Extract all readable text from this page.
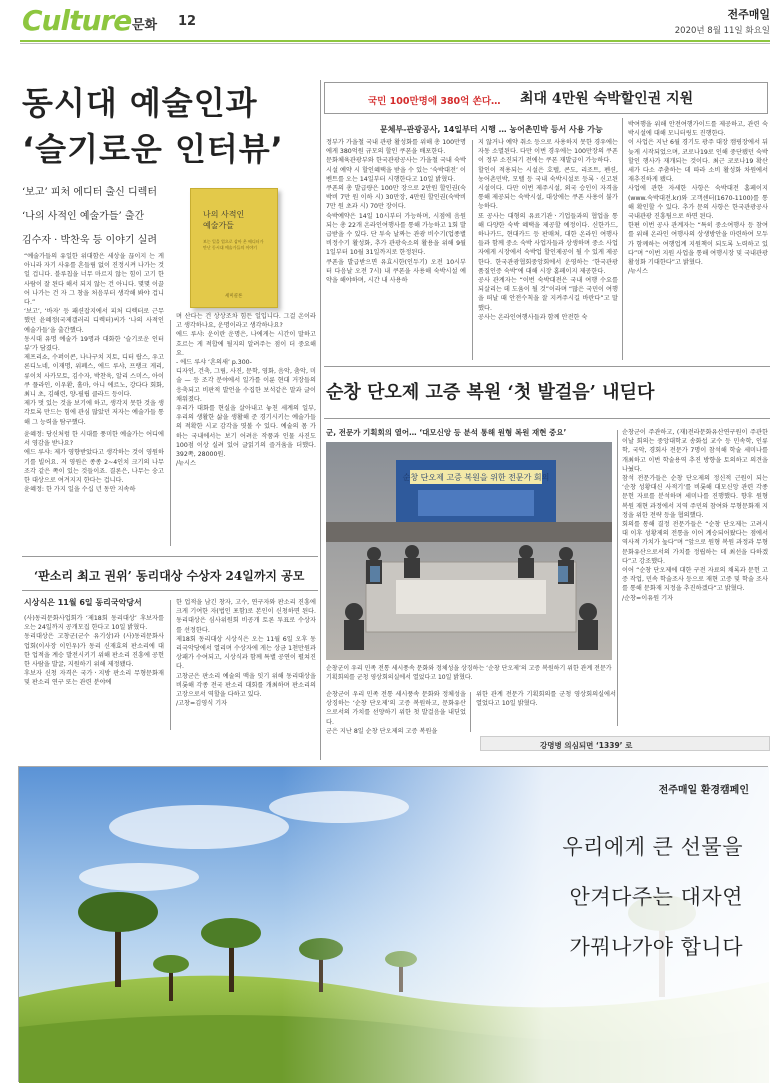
Culture 문화 12	전주매일
2020년 8월 11일 화요일
동시대 예술인과
‘슬기로운 인터뷰’
‘보고’ 피처 에디터 출신 디렉터
‘나의 사적인 예술가들’ 출간
김수자 · 박찬욱 등 이야기 실려
나의 사적인
예술가들
보는 일을 업으로 삼아 온 에디터가 만난 동시대 예술가들의 이야기
세미콜론
“예술가들의 유일한 위대함은 세상을 끊이지 는 게 아니라 자기 사유를 흔들림 없이 진정시켜 나가는 것일 겁니다. 블루칩을 너무 마르지 않는 힘이 고기 한 사람이 잘 된다 해서 되지 않는 건 아니다. 몇몇 이끌어 나가는 건 자 그 창을 처음부터 생각해 봐야 겁니다.”
‘보고’, ‘바자’ 등 패션잡지에서 피처 디렉터로 근무했던 윤혜정(국제갤러리 디렉터)씨가 ‘나의 사적인 예술가들’을 출간했다.
동시대 유명 예술가 19명과 대화한 ‘슬기로운 인터뷰’가 담겼다.
제프리쇼, 수퍼이콘, 나나구치 지토, 디터 랍스, 우고 론디노네, 이재명, 위폐스, 에드 루샤, 프랭크 게리, 류이치 사카모토, 김수자, 박찬욱, 알리 스미스, 아이쿠 플라인, 이우환, 홀마, 아니 에르노, 강다다 회화, 최니 초, 김해련, 양-필립 클라드 등이다.
제가 멋 있는 것을 보기에 하고, 생각지 못한 것을 생각토록 만드는 힘에 관심 많았던 저자는 예술가들 통해 그 능력을 탐구했다.
윤혜정: 당신처럼 한 시대를 풍미한 예술가는 어디에서 영감을 받나요?
에드 루샤: 제가 영향받았다고 생각하는 것이 영원하기를 빌어요. 저 영원은 종종 2~4인치 크기의 나무조각 같은 쪽이 있는 것들이죠. 결론은, 나무는 숭고한 대상으로 여겨지지 한다는 겁니다.
윤혜정: 한 가지 일을 수십 년 동안 지속하
며 산다는 건 상상조차 힘든 일입니다. 그걸 온이라고 생각하나요, 운명이라고 생각하나요?
에드 루샤: 운이란 운명은, 나에게는 시간이 말하고 흐르는 게 적합에 될지의 알려주는 점이 더 중요해요.
- 에드 루샤 ‘흔의새’ p.300-
디자인, 건축, 그림, 사진, 문학, 영화, 음악, 춤악, 미술 — 등 조각 분야에서 일가를 이룬 현대 거장들의 응축되고 비판적 발언을 수집한 보석같은 말과 글이 채워졌다.
우리가 대화를 현실을 살아내고 놓친 세계의 일부, 우리의 생활한 삶을 생활해 준 경기시키는 예술가들의 적확한 시교 감각을 엿볼 수 있다. 예술의 몸 가 하는 국내에서는 보기 어려운 작품과 인물 사진도 100점 이상 실려 있어 글읽기의 즐거움을 더했다. 392쪽, 28000원.
/뉴시스
국민 100만명에 380억 쏜다… 최대 4만원 숙박할인권 지원
문체부-관광공사, 14일부터 시행 … 농어촌민박 등서 사용 가능
정부가 가을철 국내 관광 활성화를 위해 총 100만명에게 380억원 규모의 할인 쿠폰을 배포한다.
문화체육관광부와 한국관광공사는 가을철 국내 숙박시설 예약 시 할인혜택을 받을 수 있는 ‘숙박대전’ 이벤트를 오는 14일부터 시행한다고 10일 밝혔다.
쿠폰의 총 발급량은 100만 장으로 2만원 할인권(숙박비 7만 원 이하 시) 30만장, 4만원 할인권(숙박비 7만 원 초과 시) 70만 장이다.
숙박예약은 14일 10시부터 가능하며, 시점에 음원되는 총 22개 온라인여행사를 통해 가능하고 1회 발급받을 수 있다. 단 투숙 날짜는 관광 비수기(업종별 비정수기 활성화, 추가 관광숙소의 활용을 위해 9월 1일부터 10월 31일까지로 한정된다.
쿠폰을 발급받으면 유효시한(인두기) 오전 10시부터 다음날 오전 7시) 내 쿠폰을 사용해 숙박시설 예약을 해야하며, 시간 내 사용하
지 않거나 예약 취소 등으로 사용하지 못한 경우에는 자동 소멸된다. 다만 이번 경우에는 100만장의 쿠폰이 정부 소진되기 전에는 쿠폰 재발급이 가능하다.
할인이 적용되는 시설은 호텔, 콘도, 리조트, 펜션, 농어촌민박, 모텔 등 국내 숙박시설로 등록ㆍ신고된 시설이다. 다만 이번 제주시설, 외국 승인이 자격을 통해 제공되는 숙박시설, 대상에는 쿠폰 사용이 불가능하다.
또 공사는 대형의 유료기관ㆍ기업들과의 협업을 통해 다양한 숙박 혜택을 제공할 예정이다. 신한카드, 하나카드, 현대카드 등 판매처, 대한 온라인 여행사들과 함께 중소 숙박 사업자들과 상생하며 중소 사업자에게 시장에서 숙박업 할인제공이 될 수 있게 제공한다. 한국관광협회중앙회에서 운영하는 ‘한국관광품질인증 숙박’에 대해 시장 홈페이지 제공한다.
공사 관계자는 “이번 숙박대전은 국내 여행 수요를 되살리는 데 도움이 될 것”이라며 “많은 국민이 여행을 떠날 때 안전수칙을 잘 지켜주시길 바란다”고 말했다.
공사는 온라인여행사들과 함께 안전한 숙
박여행을 위해 안전여행가이드를 제공하고, 관련 숙박시설에 대해 모니터링도 진행한다.
이 사업은 지난 6월 경기도 광주 대장 캠핑장에서 뒤늦게 시작되었으며, 코로나19로 인해 중단됐던 숙박 할인 행사가 재개되는 것이다. 최근 코로나19 확산세가 다소 주춤하는 데 따라 소비 활성화 차원에서 재추진하게 됐다.
사업에 관한 자세한 사항은 숙박대전 홈페이지(www.숙박대전.kr)와 고객센터(1670-1100)를 통해 확인할 수 있다. 추가 문의 사항은 한국관광공사 국내관광 진흥팀으로 하면 된다.
한편 이번 공사 관계자는 “특히 중소여행사 등 참여를 위해 온라인 여행사의 상생방안을 마련하여 모두가 함께하는 여행업계 지원책이 되도록 노력하고 있다”며 “이번 지원 사업을 통해 여행시장 및 국내관광 활성화 기대한다”고 밝혔다.
/뉴시스
순창 단오제 고증 복원 ‘첫 발걸음’ 내딛다
군, 전문가 기획회의 열어… ‘대모신앙 등 분석 통해 원형 복원 재현 중요’
순창 단오제 고증 복원을 위한 전문가 회의
순창군이 우리 민족 전통 세시풍속 문화와 정체성을 상징하는 ‘순창 단오제’의 고증 복원하기 위한 관계 전문가 기획회의를 군청 영상회의실에서 열었다고 10일 밝혔다.
순창군이 우리 민족 전통 세시풍속 문화와 정체성을 상징하는 ‘순창 단오제’의 고증 복원하고, 문화유산으로서의 가치를 선양하기 위한 첫 발걸음을 내딛었다.
군은 지난 8일 순창 단오제의 고증 복원을
위한 관계 전문가 기획회의를 군청 영상회의실에서 열었다고 10일 밝혔다.
순창군이 주관하고, (재)전라문화유산연구원이 주관한 이날 회의는 중앙대학교 송화섭 교수 등 민속학, 인류학, 국악, 경회사 전문가 7명이 참석해 학술 세미나를 개최하고 이번 학술용역 추진 방향을 토의하고 의견을 나눴다.
참석 전문가들은 순창 단오제의 정신적 근원이 되는 ‘순창 성황대신 사적기’를 비롯해 대모신앙 관련 각종 문헌 자료를 분석하며 세미나를 진행했다. 향후 원형 복원 재현 과정에서 지역 주민의 참여와 무형문화재 지정을 위한 전략 등을 협의했다.
회의를 통해 결정 전문가들은 “순창 단오제는 고려시대 이후 성황제의 전통을 이어 계승되어왔다는 점에서 역사적 가치가 높다”며 “앞으로 원형 복원 과정과 무형문화유산으로서의 가치를 정립하는 데 최선을 다하겠다”고 강조했다.
이어 “순창 단오제에 대한 구전 자료의 채록과 문헌 고증 작업, 민속 학술조사 등으로 재현 고증 및 학술 조사를 통해 문화재 지정을 추진하겠다”고 밝혔다.
/순창=이유원 기자
강명병 의심되면 ‘1339’ 로
‘판소리 최고 권위’ 동리대상 수상자 24일까지 공모
시상식은 11월 6일 동리국악당서
(사)동리문화사업회가 ‘제18회 동리대상’ 후보자를 오는 24일까지 공개모집 한다고 10일 밝혔다.
동리대상은 고창군(군수 유기상)과 (사)동리문화사업회(이사장 이인우)가 동리 신재효의 판소리에 대한 업적을 계승 발전시키기 위해 판소리 진흥에 공헌한 사람을 발굴, 지원하기 위해 제정됐다.
후보자 신청 자격은 국가ㆍ지방 판소리 무형문화재 및 판소리 연구 또는 관련 분야에
한 업적을 남긴 창자, 고수, 연구자와 판소리 진흥에 크게 기여한 자(법인 포함)로 본인이 신청하면 된다. 동리대상은 심사위원회 비공개 토론 투표로 수상자를 선정한다.
제18회 동리대상 시상식은 오는 11월 6일 오후 동리국악당에서 열리며 수상자에 게는 상금 1천만원과 상패가 수여되고, 시상식과 함께 특별 공연이 펼쳐진다.
고창군은 판소리 예술의 맥을 잇기 위해 동리대상을 비롯해 각종 전국 판소리 대회를 개최하며 판소리의 고장으로서 역할을 다하고 있다.
/고창=김영식 기자
전주매일 환경캠페인
우리에게 큰 선물을
안겨다주는 대자연
가꿔나가야 합니다
